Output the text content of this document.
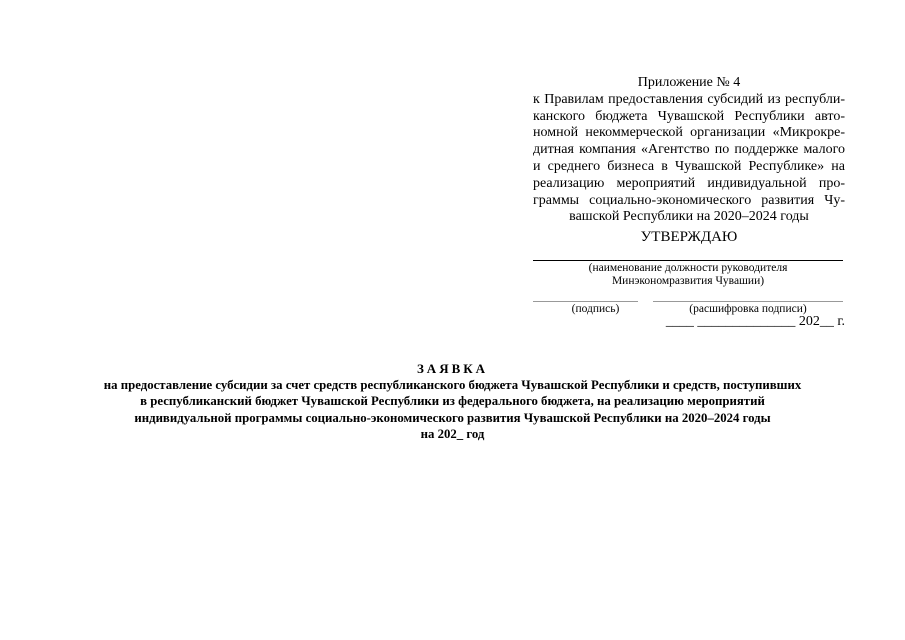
Приложение № 4
к Правилам предоставления субсидий из республи-
канского бюджета Чувашской Республики авто-
номной некоммерческой организации «Микрокре-
дитная компания «Агентство по поддержке малого
и среднего бизнеса в Чувашской Республике» на
реализацию мероприятий индивидуальной про-
граммы социально-экономического развития Чу-
вашской Республики на 2020–2024 годы
УТВЕРЖДАЮ
(наименование должности руководителя
Минэкономразвития Чувашии)
(подпись)	(расшифровка подписи)
____ ______________ 202__ г.
ЗАЯВКА
на предоставление субсидии за счет средств республиканского бюджета Чувашской Республики и средств, поступивших
в республиканский бюджет Чувашской Республики из федерального бюджета, на реализацию мероприятий
индивидуальной программы социально-экономического развития Чувашской Республики на 2020–2024 годы
на 202_ год
